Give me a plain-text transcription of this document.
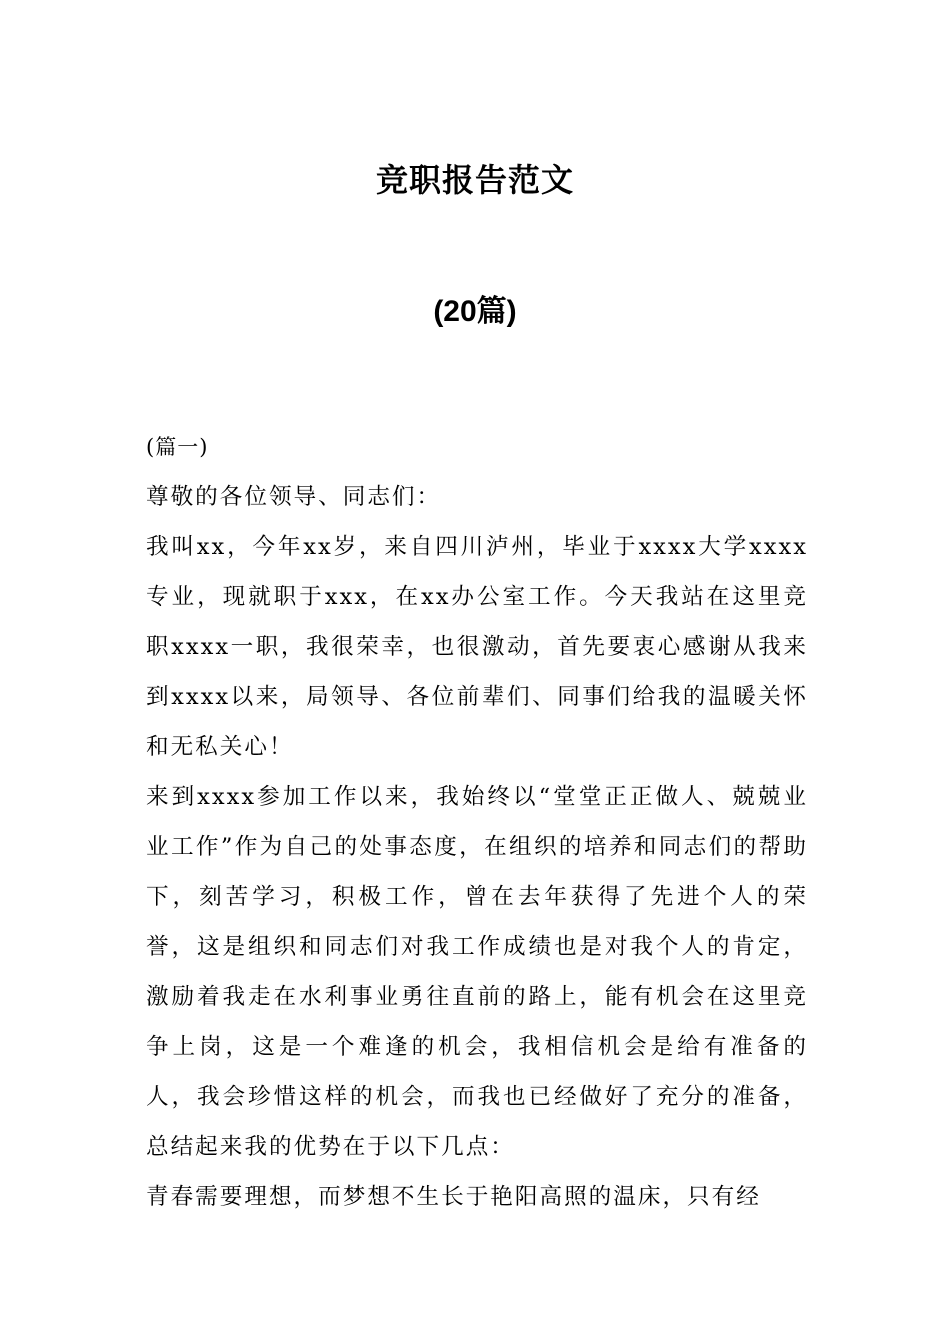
竞职报告范文
(20篇)

(篇一)

尊敬的各位领导、同志们：

我叫xx，今年xx岁，来自四川泸州，毕业于xxxx大学xxxx专业，现就职于xxx，在xx办公室工作。今天我站在这里竞职xxxx一职，我很荣幸，也很激动，首先要衷心感谢从我来到xxxx以来，局领导、各位前辈们、同事们给我的温暖关怀和无私关心！

来到xxxx参加工作以来，我始终以“堂堂正正做人、兢兢业业工作”作为自己的处事态度，在组织的培养和同志们的帮助下，刻苦学习，积极工作，曾在去年获得了先进个人的荣誉，这是组织和同志们对我工作成绩也是对我个人的肯定，激励着我走在水利事业勇往直前的路上，能有机会在这里竞争上岗，这是一个难逢的机会，我相信机会是给有准备的人，我会珍惜这样的机会，而我也已经做好了充分的准备，总结起来我的优势在于以下几点：

青春需要理想，而梦想不生长于艳阳高照的温床，只有经
